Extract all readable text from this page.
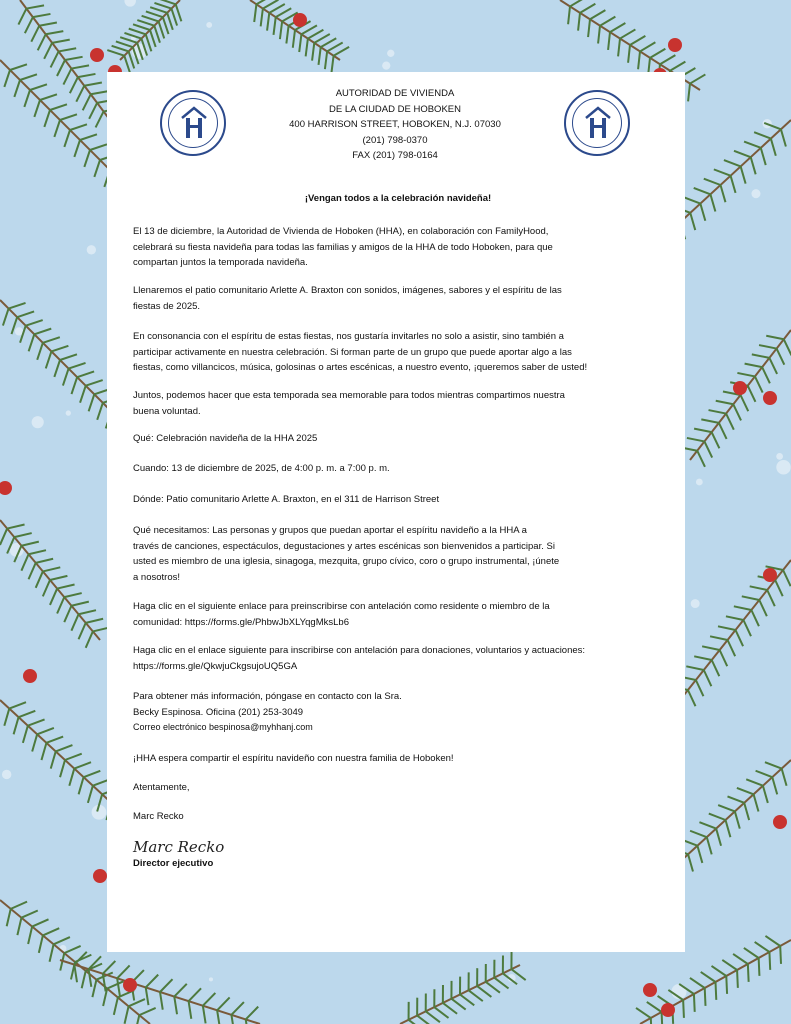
AUTORIDAD DE VIVIENDA
DE LA CIUDAD DE HOBOKEN
400 HARRISON STREET, HOBOKEN, N.J. 07030
(201) 798-0370
FAX (201) 798-0164
¡Vengan todos a la celebración navideña!
El 13 de diciembre, la Autoridad de Vivienda de Hoboken (HHA), en colaboración con FamilyHood,
celebrará su fiesta navideña para todas las familias y amigos de la HHA de todo Hoboken, para que
compartan juntos la temporada navideña.
Llenaremos el patio comunitario Arlette A. Braxton con sonidos, imágenes, sabores y el espíritu de las
fiestas de 2025.
En consonancia con el espíritu de estas fiestas, nos gustaría invitarles no solo a asistir, sino también a
participar activamente en nuestra celebración. Si forman parte de un grupo que puede aportar algo a las
fiestas, como villancicos, música, golosinas o artes escénicas, a nuestro evento, ¡queremos saber de usted!
Juntos, podemos hacer que esta temporada sea memorable para todos mientras compartimos nuestra
buena voluntad.
Qué: Celebración navideña de la HHA 2025
Cuando: 13 de diciembre de 2025, de 4:00 p. m. a 7:00 p. m.
Dónde: Patio comunitario Arlette A. Braxton, en el 311 de Harrison Street
Qué necesitamos: Las personas y grupos que puedan aportar el espíritu navideño a la HHA a
través de canciones, espectáculos, degustaciones y artes escénicas son bienvenidos a participar. Si
usted es miembro de una iglesia, sinagoga, mezquita, grupo cívico, coro o grupo instrumental, ¡únete
a nosotros!
Haga clic en el siguiente enlace para preinscribirse con antelación como residente o miembro de la
comunidad: https://forms.gle/PhbwJbXLYqgMksLb6
Haga clic en el enlace siguiente para inscribirse con antelación para donaciones, voluntarios y actuaciones:
https://forms.gle/QkwjuCkgsujoUQ5GA
Para obtener más información, póngase en contacto con la Sra.
Becky Espinosa. Oficina (201) 253-3049
Correo electrónico bespinosa@myhhanj.com
¡HHA espera compartir el espíritu navideño con nuestra familia de Hoboken!
Atentamente,
Marc Recko
Marc Recko
Director ejecutivo
